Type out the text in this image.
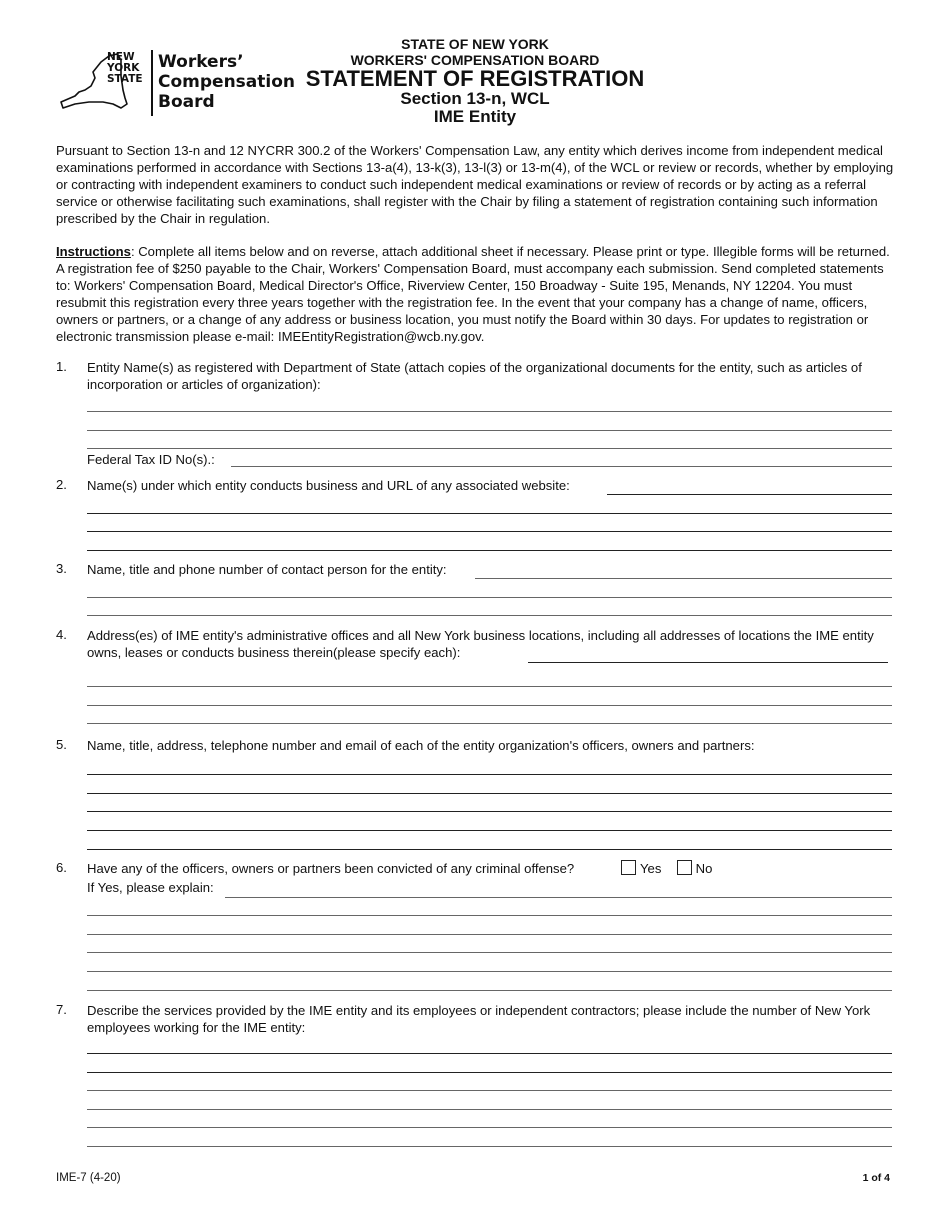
NEW
YORK
STATE
Workers’
Compensation
Board
STATE OF NEW YORK
WORKERS' COMPENSATION BOARD
STATEMENT OF REGISTRATION
Section 13-n, WCL
IME Entity
Pursuant to Section 13-n and 12 NYCRR 300.2 of the Workers' Compensation Law, any entity which derives income from independent medical examinations performed in accordance with Sections 13-a(4), 13-k(3), 13-l(3) or 13-m(4), of the WCL or review or records, whether by employing or contracting with independent examiners to conduct such independent medical examinations or review of records or by acting as a referral service or otherwise facilitating such examinations, shall register with the Chair by filing a statement of registration containing such information prescribed by the Chair in regulation.
Instructions: Complete all items below and on reverse, attach additional sheet if necessary. Please print or type. Illegible forms will be returned. A registration fee of $250 payable to the Chair, Workers' Compensation Board, must accompany each submission. Send completed statements to: Workers' Compensation Board, Medical Director's Office, Riverview Center, 150 Broadway - Suite 195, Menands, NY 12204. You must resubmit this registration every three years together with the registration fee. In the event that your company has a change of name, officers, owners or partners, or a change of any address or business location, you must notify the Board within 30 days. For updates to registration or electronic transmission please e-mail: IMEEntityRegistration@wcb.ny.gov.
1. Entity Name(s) as registered with Department of State (attach copies of the organizational documents for the entity, such as articles of incorporation or articles of organization):
Federal Tax ID No(s).:
2. Name(s) under which entity conducts business and URL of any associated website:
3. Name, title and phone number of contact person for the entity:
4. Address(es) of IME entity's administrative offices and all New York business locations, including all addresses of locations the IME entity owns, leases or conducts business therein(please specify each):
5. Name, title, address, telephone number and email of each of the entity organization's officers, owners and partners:
6. Have any of the officers, owners or partners been convicted of any criminal offense?	Yes	No
If Yes, please explain:
7. Describe the services provided by the IME entity and its employees or independent contractors; please include the number of New York employees working for the IME entity:
IME-7 (4-20)	1 of 4
